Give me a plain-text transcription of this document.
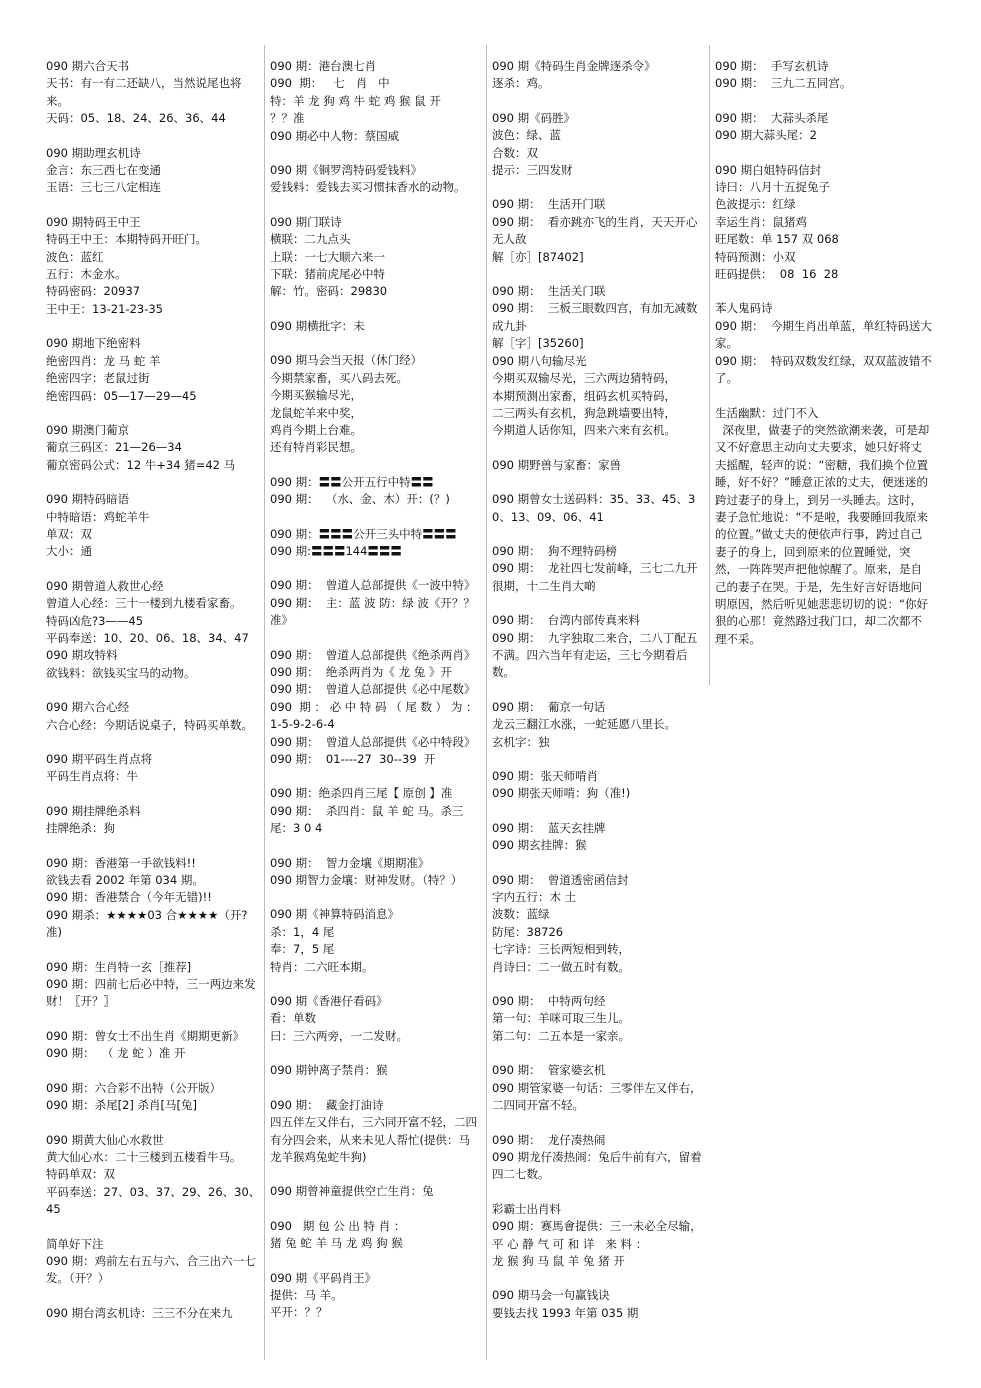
090 期六合天书
天书：有一有二还缺八，当然说尾也将来。
天码：05、18、24、26、36、44
090 期助理玄机诗
金言：东三西七在变通
玉语：三七三八定相连
090 期特码王中王
特码王中王：本期特码开旺门。
波色：蓝红
五行：木金水。
特码密码：20937
王中王：13-21-23-35
090 期地下绝密料
绝密四肖：龙 马 蛇 羊
绝密四字：老鼠过街
绝密四码：05—17—29—45
090 期澳门葡京
葡京三码区：21—26—34
葡京密码公式：12 牛+34 猪=42 马
090 期特码暗语
中特暗语：鸡蛇羊牛
单双：双
大小：通
090 期曾道人救世心经
曾道人心经：三十一楼到九楼看家畜。
特码凶危?3——45
平码奉送：10、20、06、18、34、47
090 期攻特料
欲钱料：欲钱买宝马的动物。
090 期六合心经
六合心经：今期话说桌子，特码买单数。
090 期平码生肖点将
平码生肖点将：牛
090 期挂牌绝杀料
挂牌绝杀：狗
090 期：香港第一手欲钱料!!
欲钱去看 2002 年第 034 期。
090 期：香港禁合（今年无错)!!
090 期杀：★★★★03 合★★★★（开?准)
090 期：生肖特一玄［推荐]
090 期：四前七后必中特，三一两边来发财！〖开？〗
090 期：曾女士不出生肖《期期更新》
090 期：  （ 龙 蛇 ）准 开
090 期：六合彩不出特（公开版）
090 期：杀尾[2] 杀肖[马[兔]
090 期黄大仙心水救世
黄大仙心水：二十三楼到五楼看牛马。
特码单双：双
平码奉送：27、03、37、29、26、30、45
简单好下注
090 期：鸡前左右五与六、合三出六一七发。（开？）
090 期台湾玄机诗：三三不分在来九
090 期：港台澳七肖
090  期：   七   肖   中
特：羊 龙 狗 鸡 牛 蛇 鸡 猴 鼠 开
？？准
090 期必中人物：蔡国威
090 期《铜罗湾特码爱钱料》
爱钱料：爱钱去买习惯抹香水的动物。
090 期门联诗
横联：二九点头
上联：一七大顺六来一
下联：猪前虎尾必中特
解：竹。密码：29830
090 期横批字：未
090 期马会当天报（休门经）
今期禁家畜，买八码去死。
今期买猴输尽光，
龙鼠蛇羊来中奖，
鸡肖今期上台难。
还有特肖彩民想。
090 期：〓〓公开五行中特〓〓
090 期：  （水、金、木）开：(？)
090 期：〓〓〓公开三头中特〓〓〓
090 期:〓〓〓144〓〓〓
090 期：  曾道人总部提供《一波中特》
090 期：  主：蓝 波 防：绿 波《开？？准》
090 期：  曾道人总部提供《绝杀两肖》
090 期：  绝杀两肖为《 龙 兔 》开
090 期：  曾道人总部提供《必中尾数》
090  期 ： 必 中 特 码 （ 尾 数 ） 为 ： 1-5-9-2-6-4
090 期：  曾道人总部提供《必中特段》
090 期：  01----27  30--39  开
090 期：绝杀四肖三尾【 原创 】准
090 期：  杀四肖：鼠 羊 蛇 马。杀三尾：3 0 4
090 期：  智力金壤《期期准》
090 期智力金壤：财神发财。（特？）
090 期《神算特码消息》
杀：1，4 尾
奉：7，5 尾
特肖：二六旺本期。
090 期《香港仔看码》
看：单数
曰：三六两旁，一二发财。
090 期钟离子禁肖：猴
090 期：  藏金打油诗
四五伴左又伴右，三六同开富不轻，二四有分四会来，从来未见人帮忙(提供：马龙羊猴鸡兔蛇牛狗)
090 期曾神童提供空亡生肖：兔
090   期 包 公 出 特 肖 ：
猪 兔 蛇 羊 马 龙 鸡 狗 猴
090 期《平码肖王》
提供：马 羊。
平开：？？
090 期《特码生肖金牌逐杀令》
逐杀：鸡。
090 期《码胜》
波色：绿、蓝
合数：双
提示：三四发财
090 期：  生活开门联
090 期：  看亦跳亦飞的生肖，天天开心无人敌
解［亦］[87402]
090 期：  生活关门联
090 期：  三板三眼数四宫，有加无减数成九卦
解［字］[35260]
090 期八句输尽光
今期买双输尽光，三六两边猜特码，
本期预测出家畜，组码玄机买特码，
二三两头有玄机，狗急跳墙要出特，
今期道人话你知，四来六来有玄机。
090 期野兽与家畜：家兽
090 期曾女士送码料：35、33、45、30、13、09、06、41
090 期：  狗不理特码榜
090 期：  龙社四七发前峰，三七二九开很期，十二生肖大啲
090 期：  台湾内部传真来料
090 期：  九字独取二来合，二八丁配五不满。四六当年有走运，三七今期看后数。
090 期：  葡京一句话
龙云三翻江水涨，一蛇延愿八里长。
玄机字：独
090 期：张天师啃肖
090 期张天师啃：狗（准!)
090 期：  蓝天玄挂牌
090 期玄挂牌：猴
090 期：  曾道透密函信封
字内五行：木 土
波数：蓝绿
防尾：38726
七字诗：三长两短相到转，
肖诗曰：二一做五时有数。
090 期：  中特两句经
第一句：羊咪可取三生儿。
第二句：二五本是一家亲。
090 期：  管家婆玄机
090 期管家婆一句话：三零伴左又伴右，二四同开富不轻。
090 期：  龙仔凑热闹
090 期龙仔凑热闹：兔后牛前有六，留着四二七数。
彩霸士出肖料
090 期：赛馬會提供：三一未必全尽输，
平 心 静 气 可 和 详   来 料 ：
龙 猴 狗 马 鼠 羊 兔 猪 开
090 期马会一句赢钱诀
要钱去找 1993 年第 035 期
090 期：  手写玄机诗
090 期：  三九二五同宫。
090 期：  大蒜头杀尾
090 期大蒜头尾：2
090 期白姐特码信封
诗曰：八月十五捉兔子
色波提示：红绿
幸运生肖：鼠猪鸡
旺尾数：单 157 双 068
特码预测：小双
旺码提供：  08  16  28
苯人鬼码诗
090 期：  今期生肖出单蓝，单红特码送大家。
090 期：  特码双数发红绿，双双蓝波错不了。
生活幽默：过门不入
深夜里，做妻子的突然欲潮来袭，可是却又不好意思主动向丈夫要求，她只好将丈夫摇醒，轻声的说：“密糖，我们换个位置睡，好不好？”睡意正浓的丈夫，便迷迷的跨过妻子的身上，到另一头睡去。这时，妻子急忙地说：“不是啦，我要睡回我原来的位置。”做丈夫的便依声行事，跨过自己妻子的身上，回到原来的位置睡觉，突然，一阵阵哭声把他惊醒了。原来，是自己的妻子在哭。于是，先生好言好语地问明原因，然后听见她悲悲切切的说：“你好狠的心那！竟然路过我门口，却二次都不理不采。
